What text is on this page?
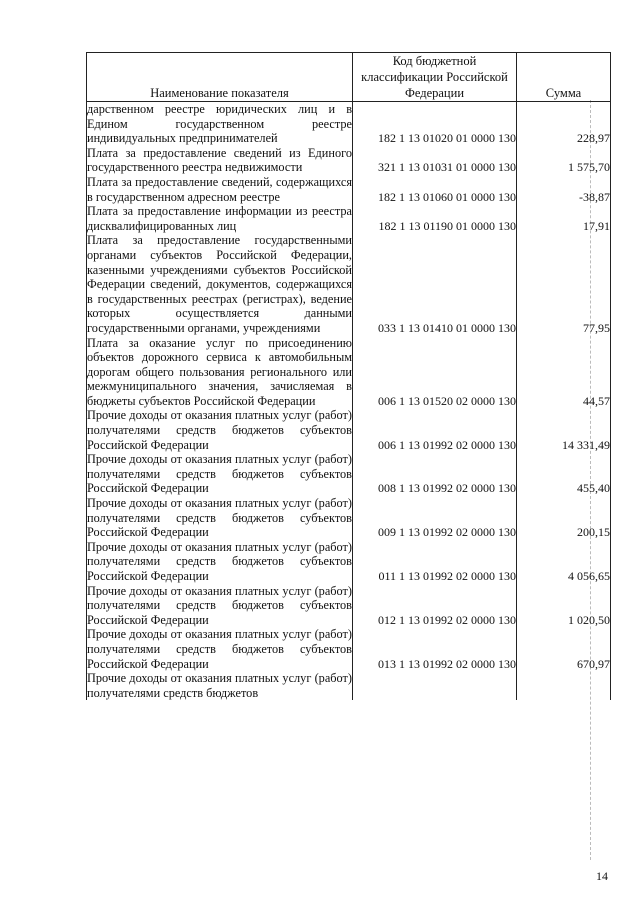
Наименование показателя	Код бюджетной классификации Российской Федерации	Сумма
дарственном реестре юридических лиц и в Едином государственном реестре индивидуальных предпринимателей	182 1 13 01020 01 0000 130	228,97
Плата за предоставление сведений из Единого государственного реестра недвижимости	321 1 13 01031 01 0000 130	1 575,70
Плата за предоставление сведений, содержащихся в государственном адресном реестре	182 1 13 01060 01 0000 130	-38,87
Плата за предоставление информации из реестра дисквалифицированных лиц	182 1 13 01190 01 0000 130	17,91
Плата за предоставление государственными органами субъектов Российской Федерации, казенными учреждениями субъектов Российской Федерации сведений, документов, содержащихся в государственных реестрах (регистрах), ведение которых осуществляется данными государственными органами, учреждениями	033 1 13 01410 01 0000 130	77,95
Плата за оказание услуг по присоединению объектов дорожного сервиса к автомобильным дорогам общего пользования регионального или межмуниципального значения, зачисляемая в бюджеты субъектов Российской Федерации	006 1 13 01520 02 0000 130	44,57
Прочие доходы от оказания платных услуг (работ) получателями средств бюджетов субъектов Российской Федерации	006 1 13 01992 02 0000 130	14 331,49
Прочие доходы от оказания платных услуг (работ) получателями средств бюджетов субъектов Российской Федерации	008 1 13 01992 02 0000 130	455,40
Прочие доходы от оказания платных услуг (работ) получателями средств бюджетов субъектов Российской Федерации	009 1 13 01992 02 0000 130	200,15
Прочие доходы от оказания платных услуг (работ) получателями средств бюджетов субъектов Российской Федерации	011 1 13 01992 02 0000 130	4 056,65
Прочие доходы от оказания платных услуг (работ) получателями средств бюджетов субъектов Российской Федерации	012 1 13 01992 02 0000 130	1 020,50
Прочие доходы от оказания платных услуг (работ) получателями средств бюджетов субъектов Российской Федерации	013 1 13 01992 02 0000 130	670,97
Прочие доходы от оказания платных услуг (работ) получателями средств бюджетов		
14
